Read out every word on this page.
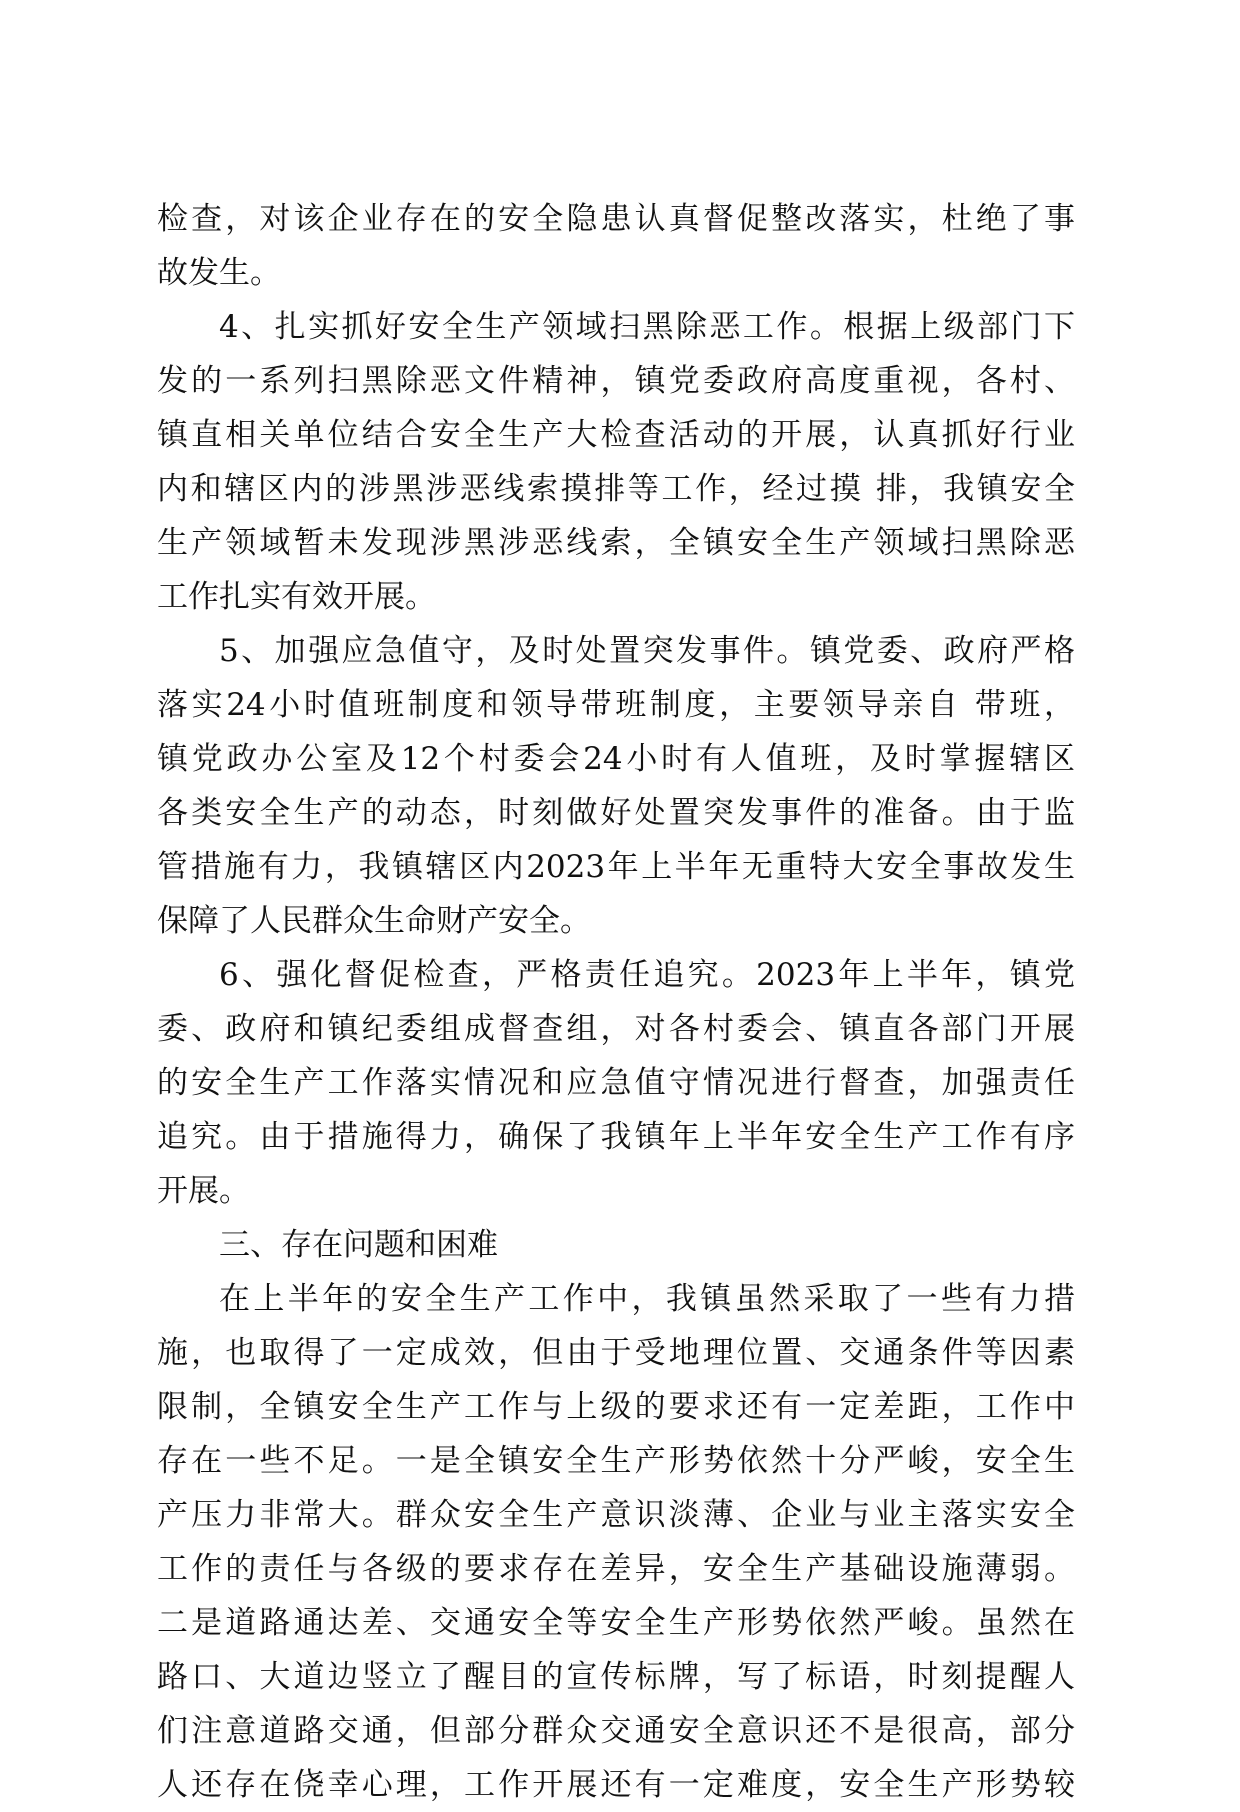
检查，对该企业存在的安全隐患认真督促整改落实，杜绝了事
故发生。
4、扎实抓好安全生产领域扫黑除恶工作。根据上级部门下
发的一系列扫黑除恶文件精神，镇党委政府高度重视，各村、
镇直相关单位结合安全生产大检查活动的开展，认真抓好行业
内和辖区内的涉黑涉恶线索摸排等工作，经过摸 排，我镇安全
生产领域暂未发现涉黑涉恶线索，全镇安全生产领域扫黑除恶
工作扎实有效开展。
5、加强应急值守，及时处置突发事件。镇党委、政府严格
落实24小时值班制度和领导带班制度，主要领导亲自 带班，
镇党政办公室及12个村委会24小时有人值班，及时掌握辖区
各类安全生产的动态，时刻做好处置突发事件的准备。由于监
管措施有力，我镇辖区内2023年上半年无重特大安全事故发生
保障了人民群众生命财产安全。
6、强化督促检查，严格责任追究。2023年上半年，镇党
委、政府和镇纪委组成督查组，对各村委会、镇直各部门开展
的安全生产工作落实情况和应急值守情况进行督查，加强责任
追究。由于措施得力，确保了我镇年上半年安全生产工作有序
开展。
三、存在问题和困难
在上半年的安全生产工作中，我镇虽然采取了一些有力措
施，也取得了一定成效，但由于受地理位置、交通条件等因素
限制，全镇安全生产工作与上级的要求还有一定差距，工作中
存在一些不足。一是全镇安全生产形势依然十分严峻，安全生
产压力非常大。群众安全生产意识淡薄、企业与业主落实安全
工作的责任与各级的要求存在差异，安全生产基础设施薄弱。
二是道路通达差、交通安全等安全生产形势依然严峻。虽然在
路口、大道边竖立了醒目的宣传标牌，写了标语，时刻提醒人
们注意道路交通，但部分群众交通安全意识还不是很高，部分
人还存在侥幸心理，工作开展还有一定难度，安全生产形势较
